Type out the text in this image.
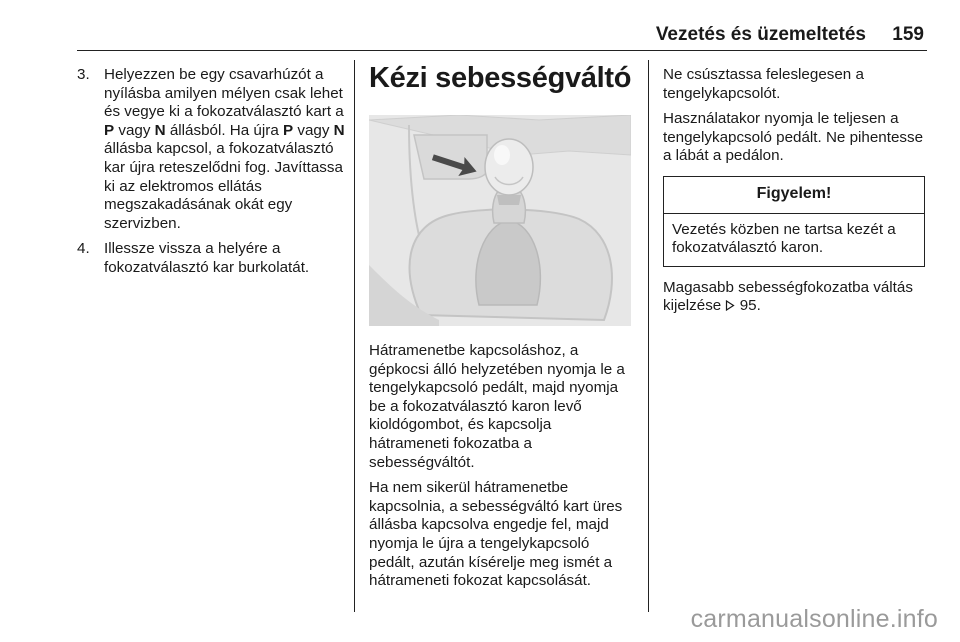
Vezetés és üzemeltetés 159
3. Helyezzen be egy csavarhúzót a nyílásba amilyen mélyen csak lehet és vegye ki a fokozatválasztó kart a P vagy N állásból. Ha újra P vagy N állásba kapcsol, a fokozatválasztó kar újra reteszelődni fog. Javíttassa ki az elektromos ellátás megszakadásának okát egy szervizben.
4. Illessze vissza a helyére a fokozatválasztó kar burkolatát.
Kézi sebességváltó

Hátramenetbe kapcsoláshoz, a gépkocsi álló helyzetében nyomja le a tengelykapcsoló pedált, majd nyomja be a fokozatválasztó karon levő kioldógombot, és kapcsolja hátrameneti fokozatba a sebességváltót.

Ha nem sikerül hátramenetbe kapcsolnia, a sebességváltó kart üres állásba kapcsolva engedje fel, majd nyomja le újra a tengelykapcsoló pedált, azután kísérelje meg ismét a hátrameneti fokozat kapcsolását.

Ne csúsztassa feleslegesen a tengelykapcsolót.

Használatakor nyomja le teljesen a tengelykapcsoló pedált. Ne pihentesse a lábát a pedálon.

Figyelem!
Vezetés közben ne tartsa kezét a fokozatválasztó karon.

Magasabb sebességfokozatba váltás kijelzése  95.

carmanualsonline.info
